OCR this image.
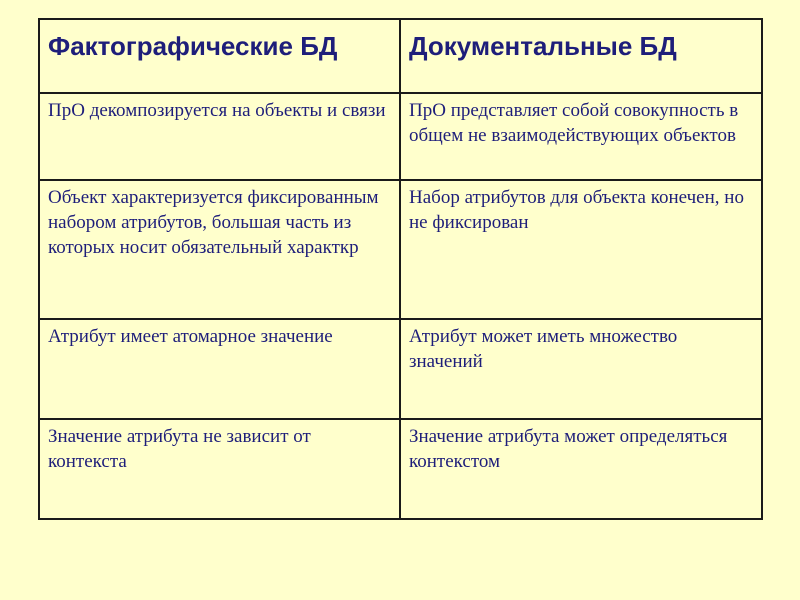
Фактографические БД	Документальные БД
ПрО декомпозируется на объекты и связи	ПрО представляет собой совокупность в общем не взаимодействующих объектов
Объект характеризуется фиксированным набором атрибутов, большая часть из которых носит обязательный характкр	Набор атрибутов для объекта конечен, но не фиксирован
Атрибут имеет атомарное значение	Атрибут может иметь множество значений
Значение атрибута не зависит от контекста	Значение атрибута может определяться контекстом
